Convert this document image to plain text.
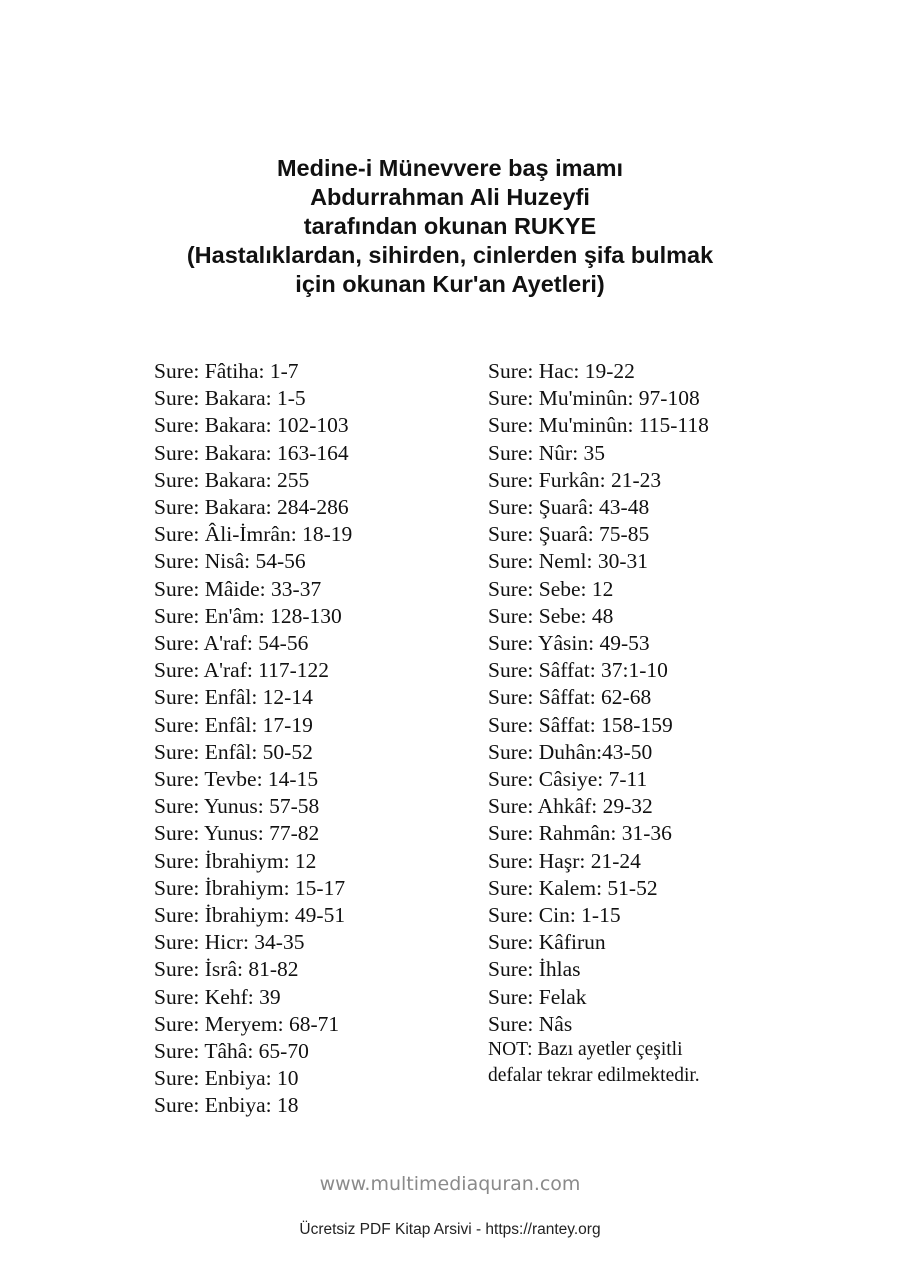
Medine-i Münevvere baş imamı
Abdurrahman Ali Huzeyfi
tarafından okunan RUKYE
(Hastalıklardan, sihirden, cinlerden şifa bulmak
için okunan Kur'an Ayetleri)
Sure: Fâtiha: 1-7
Sure: Bakara: 1-5
Sure: Bakara: 102-103
Sure: Bakara: 163-164
Sure: Bakara: 255
Sure: Bakara: 284-286
Sure: Âli-İmrân: 18-19
Sure: Nisâ: 54-56
Sure: Mâide: 33-37
Sure: En'âm: 128-130
Sure: A'raf: 54-56
Sure: A'raf: 117-122
Sure: Enfâl: 12-14
Sure: Enfâl: 17-19
Sure: Enfâl: 50-52
Sure: Tevbe: 14-15
Sure: Yunus: 57-58
Sure: Yunus: 77-82
Sure: İbrahiym: 12
Sure: İbrahiym: 15-17
Sure: İbrahiym: 49-51
Sure: Hicr: 34-35
Sure: İsrâ: 81-82
Sure: Kehf: 39
Sure: Meryem: 68-71
Sure: Tâhâ: 65-70
Sure: Enbiya: 10
Sure: Enbiya: 18
Sure: Hac: 19-22
Sure: Mu'minûn: 97-108
Sure: Mu'minûn: 115-118
Sure: Nûr: 35
Sure: Furkân: 21-23
Sure: Şuarâ: 43-48
Sure: Şuarâ: 75-85
Sure: Neml: 30-31
Sure: Sebe: 12
Sure: Sebe: 48
Sure: Yâsin: 49-53
Sure: Sâffat: 37:1-10
Sure: Sâffat: 62-68
Sure: Sâffat: 158-159
Sure: Duhân:43-50
Sure: Câsiye: 7-11
Sure: Ahkâf: 29-32
Sure: Rahmân: 31-36
Sure: Haşr: 21-24
Sure: Kalem: 51-52
Sure: Cin: 1-15
Sure: Kâfirun
Sure: İhlas
Sure: Felak
Sure: Nâs
NOT: Bazı ayetler çeşitli
defalar tekrar edilmektedir.
www.multimediaquran.com
Ücretsiz PDF Kitap Arsivi - https://rantey.org
